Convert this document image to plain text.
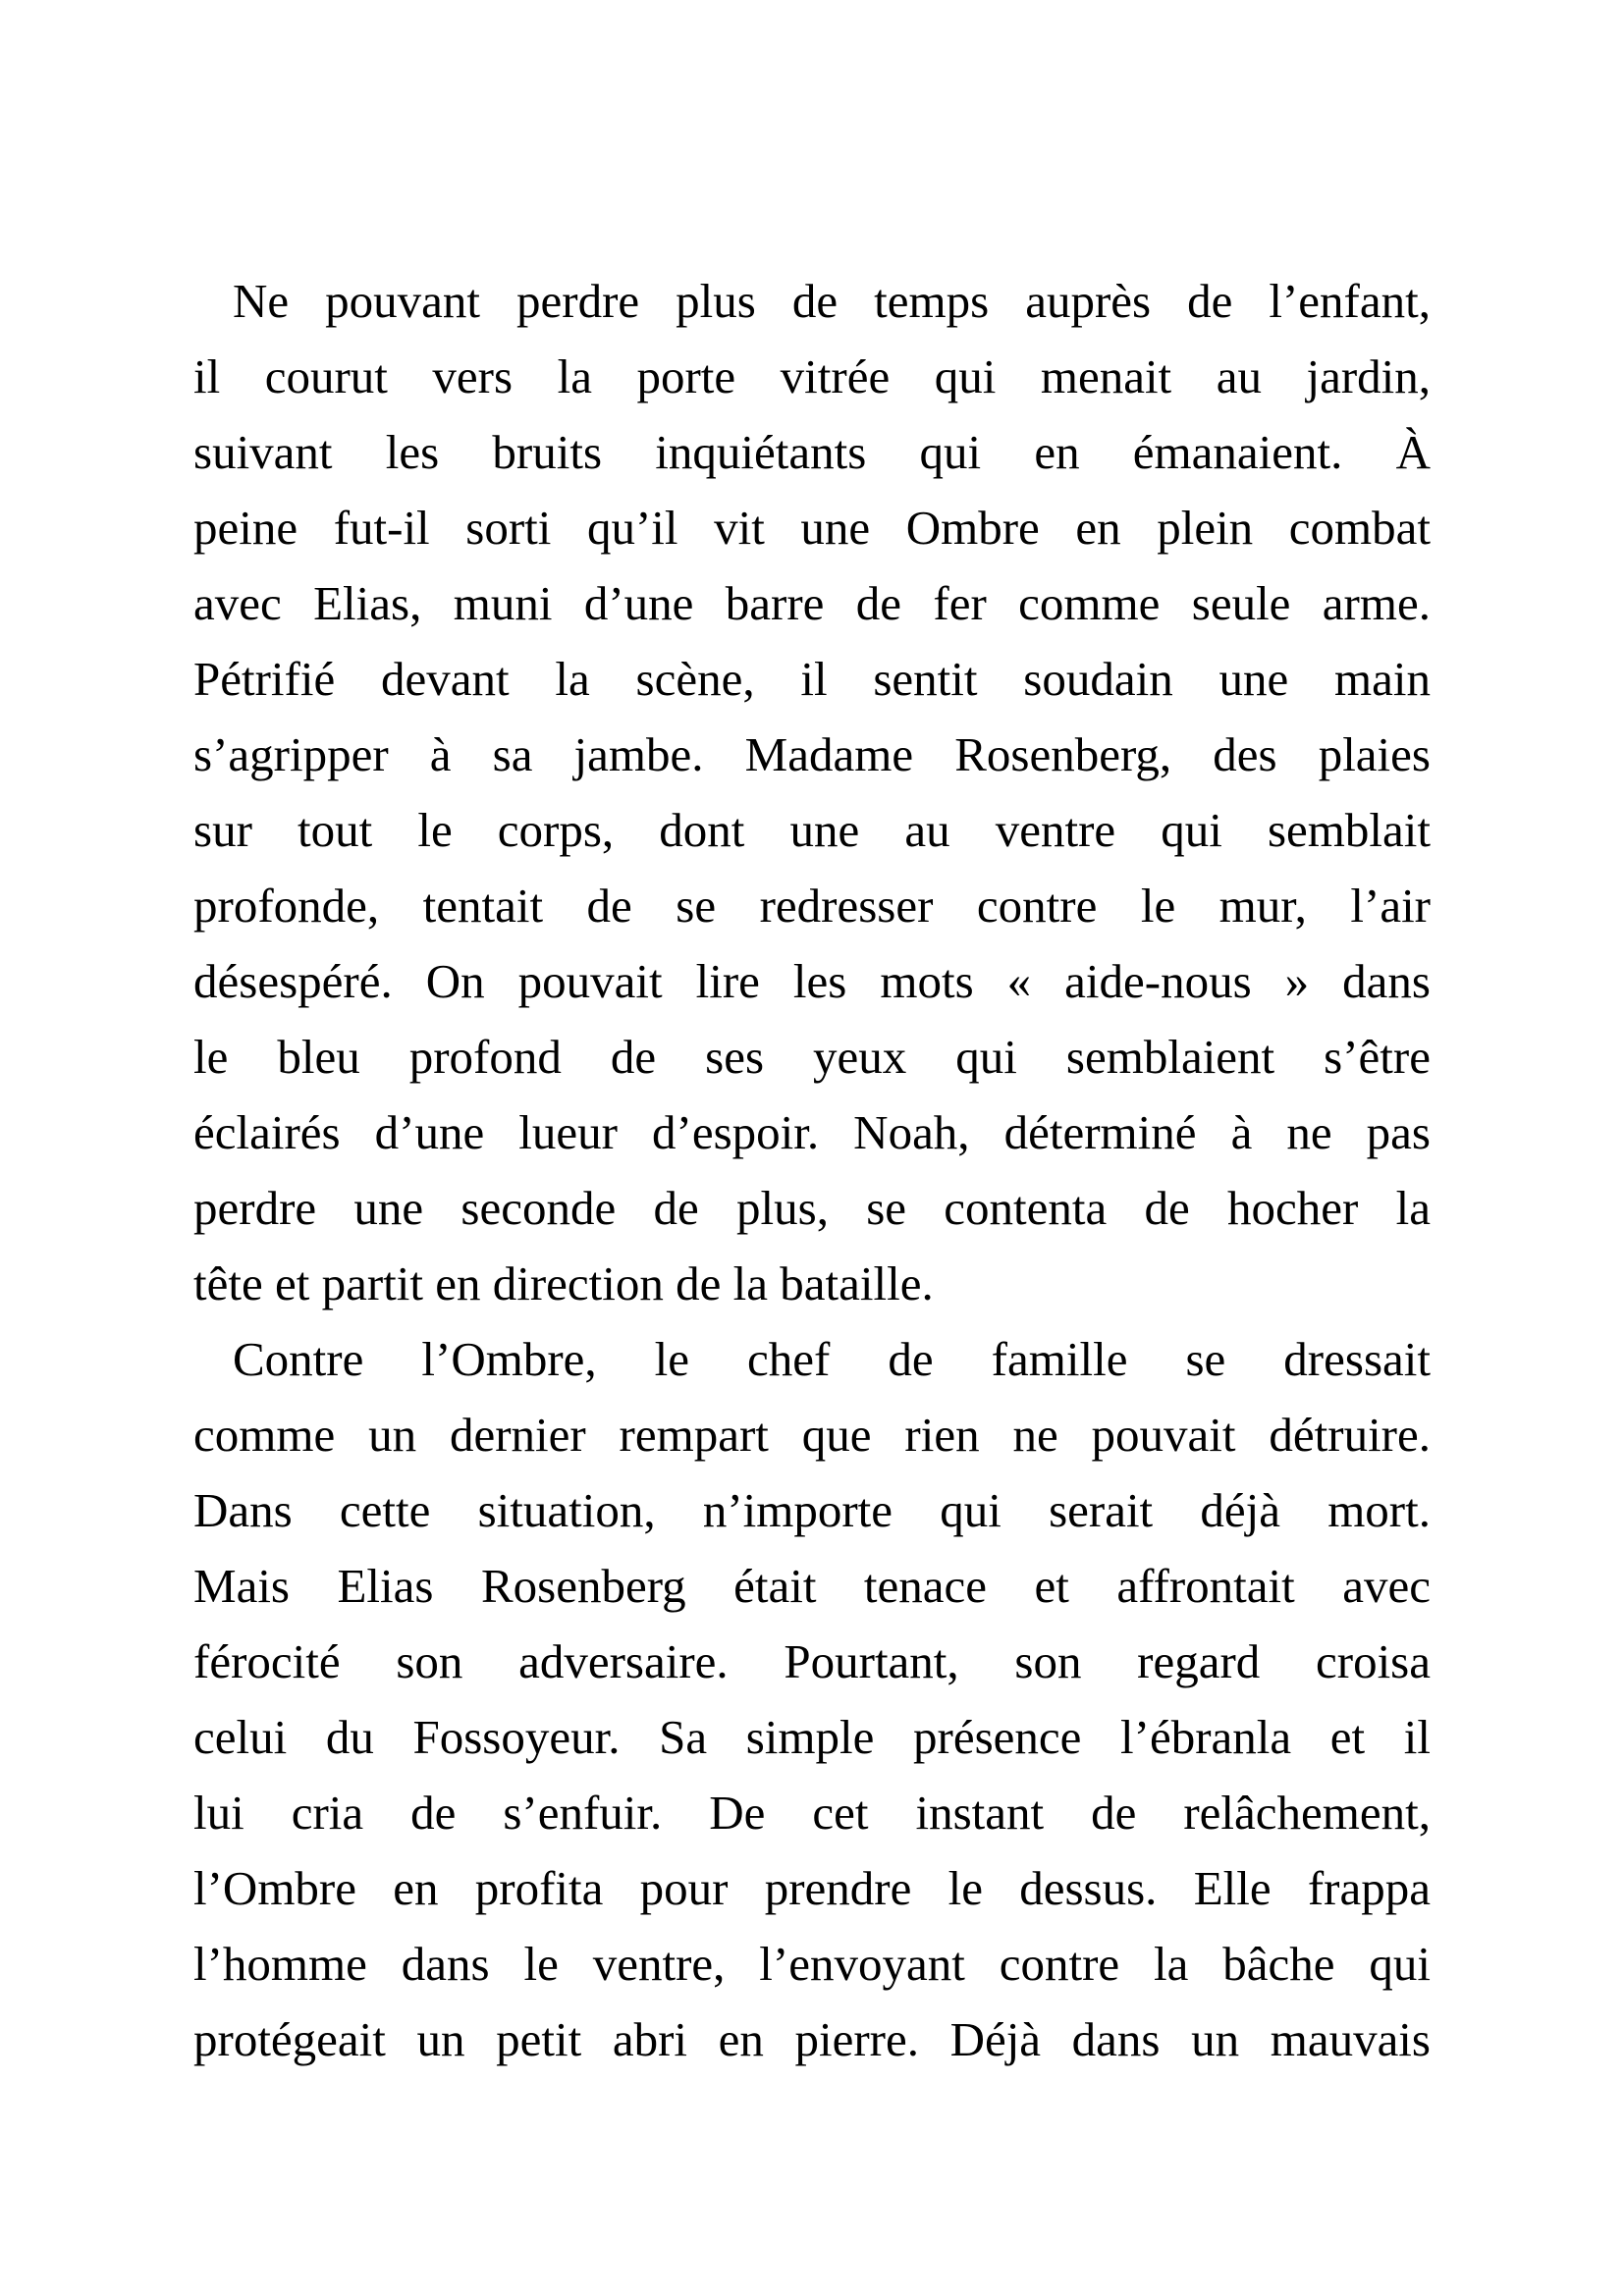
Ne pouvant perdre plus de temps auprès de l’enfant,
il courut vers la porte vitrée qui menait au jardin,
suivant les bruits inquiétants qui en émanaient. À
peine fut-il sorti qu’il vit une Ombre en plein combat
avec Elias, muni d’une barre de fer comme seule arme.
Pétrifié devant la scène, il sentit soudain une main
s’agripper à sa jambe. Madame Rosenberg, des plaies
sur tout le corps, dont une au ventre qui semblait
profonde, tentait de se redresser contre le mur, l’air
désespéré. On pouvait lire les mots « aide-nous » dans
le bleu profond de ses yeux qui semblaient s’être
éclairés d’une lueur d’espoir. Noah, déterminé à ne pas
perdre une seconde de plus, se contenta de hocher la
tête et partit en direction de la bataille.
Contre l’Ombre, le chef de famille se dressait
comme un dernier rempart que rien ne pouvait détruire.
Dans cette situation, n’importe qui serait déjà mort.
Mais Elias Rosenberg était tenace et affrontait avec
férocité son adversaire. Pourtant, son regard croisa
celui du Fossoyeur. Sa simple présence l’ébranla et il
lui cria de s’enfuir. De cet instant de relâchement,
l’Ombre en profita pour prendre le dessus. Elle frappa
l’homme dans le ventre, l’envoyant contre la bâche qui
protégeait un petit abri en pierre. Déjà dans un mauvais
